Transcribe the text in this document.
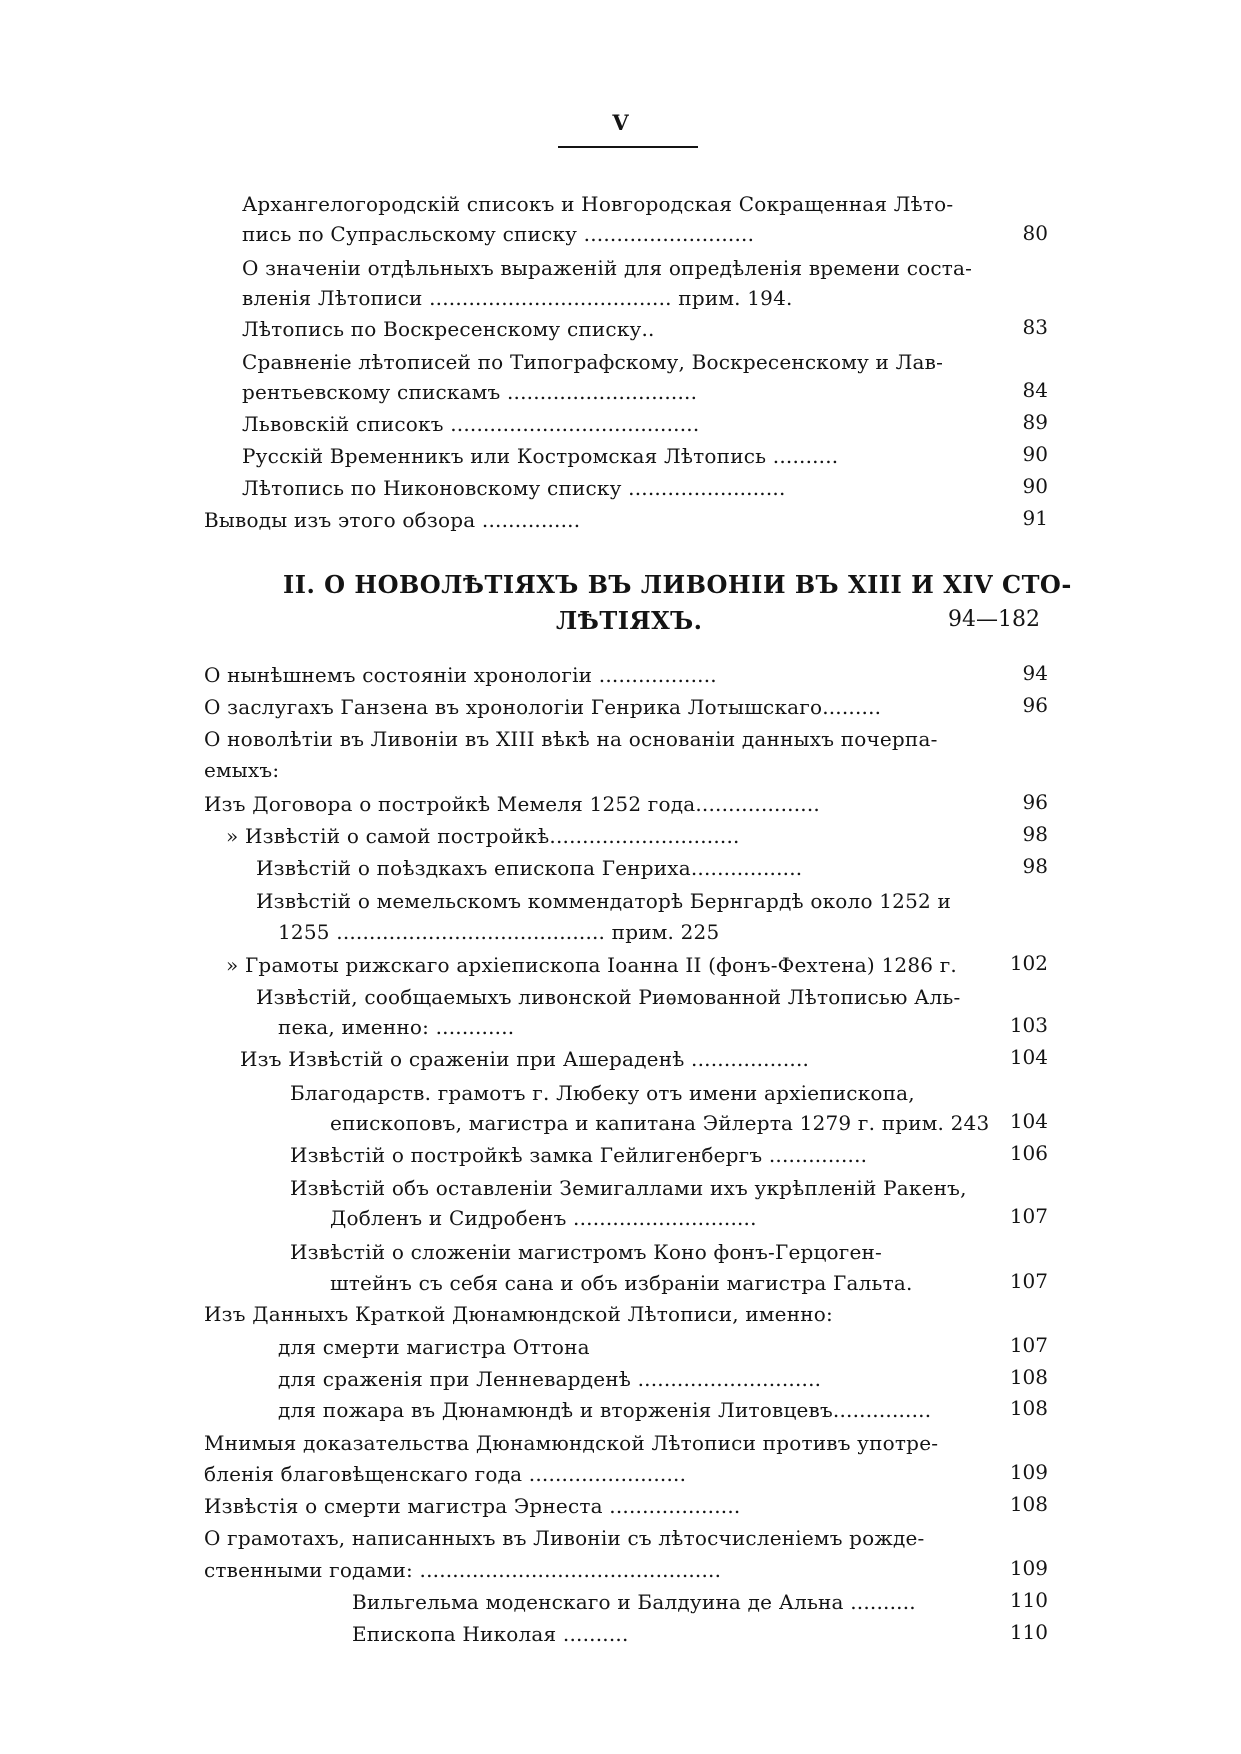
V
Архангелогородскій списокъ и Новгородская Сокращенная Лѣто-
пись по Супрасльскому списку ..........................	80
О значеніи отдѣльныхъ выраженій для опредѣленія времени соста-
вленія Лѣтописи ..................................... прим. 194.
Лѣтопись по Воскресенскому списку..	83
Сравненіе лѣтописей по Типографскому, Воскресенскому и Лав-
рентьевскому спискамъ .............................	84
Львовскій списокъ ......................................	89
Русскій Временникъ или Костромская Лѣтопись ..........	90
Лѣтопись по Никоновскому списку ........................	90
Выводы изъ этого обзора ...............	91
II. О НОВОЛѢТІЯХЪ ВЪ ЛИВОНІИ ВЪ XIII И XIV СТО-
ЛѢТІЯХЪ.	94—182
О нынѣшнемъ состояніи хронологіи ..................	94
О заслугахъ Ганзена въ хронологіи Генрика Лотышскаго.........	96
О новолѣтіи въ Ливоніи въ XIII вѣкѣ на основаніи данныхъ почерпа-
емыхъ:
Изъ Договора о постройкѣ Мемеля 1252 года...................	96
» Извѣстій о самой постройкѣ.............................	98
Извѣстій о поѣздкахъ епископа Генриха.................	98
Извѣстій о мемельскомъ коммендаторѣ Бернгардѣ около 1252 и
1255 ......................................... прим. 225
» Грамоты рижскаго архіепископа Іоанна II (фонъ-Фехтена) 1286 г.	102
Извѣстій, сообщаемыхъ ливонской Риѳмованной Лѣтописью Аль-
пека, именно: ............	103
Изъ Извѣстій о сраженіи при Ашераденѣ ..................	104
Благодарств. грамотъ г. Любеку отъ имени архіепископа,
епископовъ, магистра и капитана Эйлерта 1279 г. прим. 243	104
Извѣстій о постройкѣ замка Гейлигенбергъ ...............	106
Извѣстій объ оставленіи Земигаллами ихъ укрѣпленій Ракенъ,
Добленъ и Сидробенъ ............................	107
Извѣстій о сложеніи магистромъ Коно фонъ-Герцоген-
штейнъ съ себя сана и объ избраніи магистра Гальта.	107
Изъ Данныхъ Краткой Дюнамюндской Лѣтописи, именно:
для смерти магистра Оттона	107
для сраженія при Ленневарденѣ ............................	108
для пожара въ Дюнамюндѣ и вторженія Литовцевъ...............	108
Мнимыя доказательства Дюнамюндской Лѣтописи противъ употре-
бленія благовѣщенскаго года ........................	109
Извѣстія о смерти магистра Эрнеста ....................	108
О грамотахъ, написанныхъ въ Ливоніи съ лѣтосчисленіемъ рожде-
ственными годами: ..............................................	109
Вильгельма моденскаго и Балдуина де Альна ..........	110
Епископа Николая ..........	110
